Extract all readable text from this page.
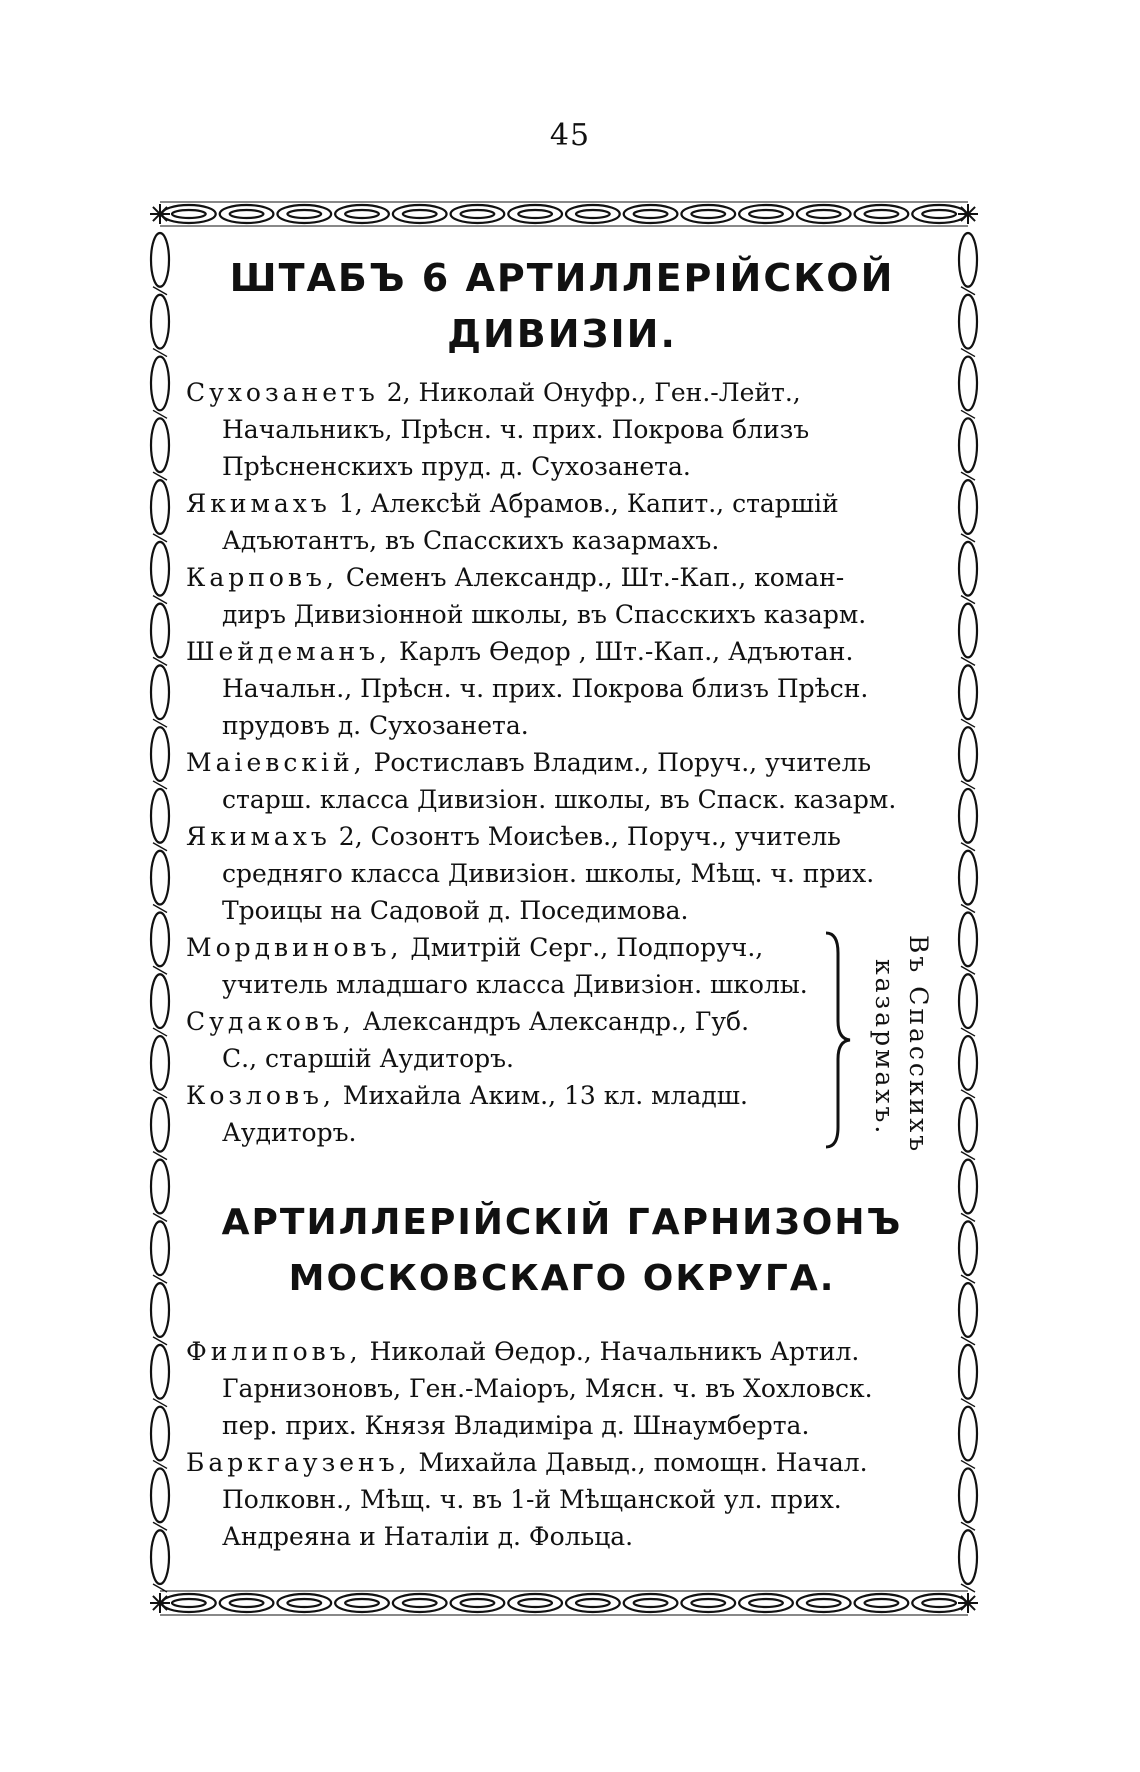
45
ШТАБЪ 6 АРТИЛЛЕРІЙСКОЙ
ДИВИЗІИ.
Сухозанетъ 2, Николай Онуфр., Ген.-Лейт.,
Начальникъ, Прѣсн. ч. прих. Покрова близъ
Прѣсненскихъ пруд. д. Сухозанета.
Якимахъ 1, Алексѣй Абрамов., Капит., старшій
Адъютантъ, въ Спасскихъ казармахъ.
Карповъ, Семенъ Александр., Шт.-Кап., коман-
диръ Дивизіонной школы, въ Спасскихъ казарм.
Шейдеманъ, Карлъ Ѳедор , Шт.-Кап., Адъютан.
Начальн., Прѣсн. ч. прих. Покрова близъ Прѣсн.
прудовъ д. Сухозанета.
Маіевскій, Ростиславъ Владим., Поруч., учитель
старш. класса Дивизіон. школы, въ Спаск. казарм.
Якимахъ 2, Созонтъ Моисѣев., Поруч., учитель
средняго класса Дивизіон. школы, Мѣщ. ч. прих.
Троицы на Садовой д. Поседимова.
Мордвиновъ, Дмитрій Серг., Подпоруч.,
учитель младшаго класса Дивизіон. школы.
Судаковъ, Александръ Александр., Губ.
С., старшій Аудиторъ.
Козловъ, Михайла Аким., 13 кл. младш.
Аудиторъ.	Въ Спасскихъ
казармахъ.
АРТИЛЛЕРІЙСКІЙ ГАРНИЗОНЪ
МОСКОВСКАГО ОКРУГА.
Филиповъ, Николай Ѳедор., Начальникъ Артил.
Гарнизоновъ, Ген.-Маіоръ, Мясн. ч. въ Хохловск.
пер. прих. Князя Владиміра д. Шнаумберта.
Баркгаузенъ, Михайла Давыд., помощн. Начал.
Полковн., Мѣщ. ч. въ 1-й Мѣщанской ул. прих.
Андреяна и Наталіи д. Фольца.
